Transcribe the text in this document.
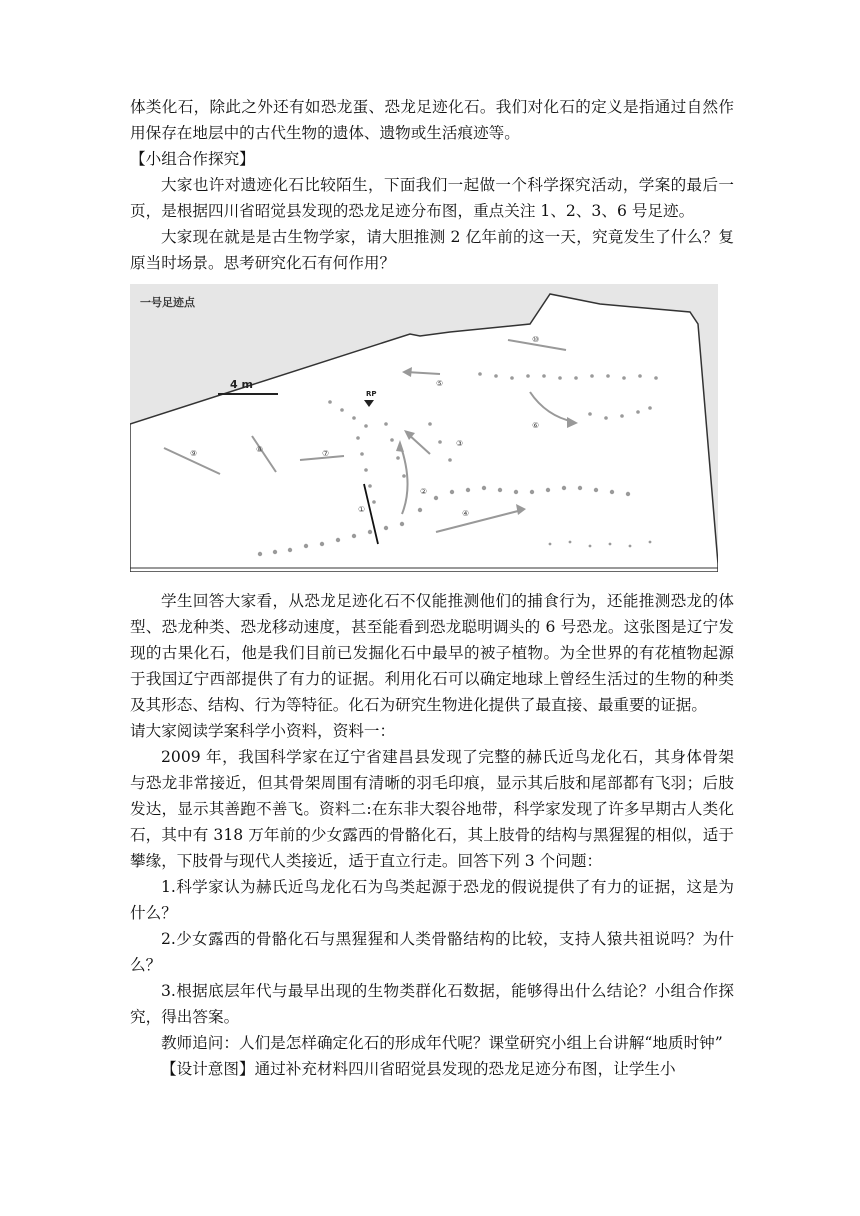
体类化石，除此之外还有如恐龙蛋、恐龙足迹化石。我们对化石的定义是指通过自然作用保存在地层中的古代生物的遗体、遗物或生活痕迹等。

【小组合作探究】

大家也许对遗迹化石比较陌生，下面我们一起做一个科学探究活动，学案的最后一页，是根据四川省昭觉县发现的恐龙足迹分布图，重点关注 1、2、3、6 号足迹。

大家现在就是是古生物学家，请大胆推测 2 亿年前的这一天，究竟发生了什么？复原当时场景。思考研究化石有何作用？

一号足迹点
4 m
RP
①
②
③
④
⑤
⑥
⑦
⑧
⑨
⑩

学生回答大家看，从恐龙足迹化石不仅能推测他们的捕食行为，还能推测恐龙的体型、恐龙种类、恐龙移动速度，甚至能看到恐龙聪明调头的 6 号恐龙。这张图是辽宁发现的古果化石，他是我们目前已发掘化石中最早的被子植物。为全世界的有花植物起源于我国辽宁西部提供了有力的证据。利用化石可以确定地球上曾经生活过的生物的种类及其形态、结构、行为等特征。化石为研究生物进化提供了最直接、最重要的证据。

请大家阅读学案科学小资料，资料一：

2009 年，我国科学家在辽宁省建昌县发现了完整的赫氏近鸟龙化石，其身体骨架与恐龙非常接近，但其骨架周围有清晰的羽毛印痕，显示其后肢和尾部都有飞羽；后肢发达，显示其善跑不善飞。资料二:在东非大裂谷地带，科学家发现了许多早期古人类化石，其中有 318 万年前的少女露西的骨骼化石，其上肢骨的结构与黑猩猩的相似，适于攀缘，下肢骨与现代人类接近，适于直立行走。回答下列 3 个问题：

1.科学家认为赫氏近鸟龙化石为鸟类起源于恐龙的假说提供了有力的证据，这是为什么？

2.少女露西的骨骼化石与黑猩猩和人类骨骼结构的比较，支持人猿共祖说吗？为什么？

3.根据底层年代与最早出现的生物类群化石数据，能够得出什么结论？小组合作探究，得出答案。

教师追问：人们是怎样确定化石的形成年代呢？课堂研究小组上台讲解“地质时钟”

【设计意图】通过补充材料四川省昭觉县发现的恐龙足迹分布图，让学生小
